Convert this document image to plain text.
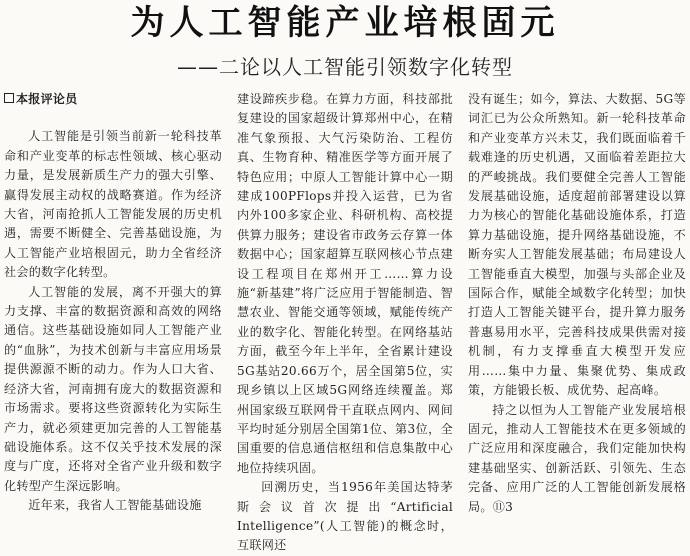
为人工智能产业培根固元
——二论以人工智能引领数字化转型

本报评论员

人工智能是引领当前新一轮科技革命和产业变革的标志性领域、核心驱动力量，是发展新质生产力的强大引擎、赢得发展主动权的战略赛道。作为经济大省，河南抢抓人工智能发展的历史机遇，需要不断健全、完善基础设施，为人工智能产业培根固元，助力全省经济社会的数字化转型。

人工智能的发展，离不开强大的算力支撑、丰富的数据资源和高效的网络通信。这些基础设施如同人工智能产业的“血脉”，为技术创新与丰富应用场景提供源源不断的动力。作为人口大省、经济大省，河南拥有庞大的数据资源和市场需求。要将这些资源转化为实际生产力，就必须建更加完善的人工智能基础设施体系。这不仅关乎技术发展的深度与广度，还将对全省产业升级和数字化转型产生深远影响。

近年来，我省人工智能基础设施

建设蹄疾步稳。在算力方面，科技部批复建设的国家超级计算郑州中心，在精准气象预报、大气污染防治、工程仿真、生物育种、精准医学等方面开展了特色应用；中原人工智能计算中心一期建成100PFlops并投入运营，已为省内外100多家企业、科研机构、高校提供算力服务；建设省市政务云存算一体数据中心；国家超算互联网核心节点建设工程项目在郑州开工……算力设施“新基建”将广泛应用于智能制造、智慧农业、智能交通等领域，赋能传统产业的数字化、智能化转型。在网络基站方面，截至今年上半年，全省累计建设5G基站20.66万个，居全国第5位，实现乡镇以上区域5G网络连续覆盖。郑州国家级互联网骨干直联点网内、网间平均时延分别居全国第1位、第3位，全国重要的信息通信枢纽和信息集散中心地位持续巩固。

回溯历史，当1956年美国达特茅斯会议首次提出“Artificial Intelligence”(人工智能)的概念时，互联网还

没有诞生；如今，算法、大数据、5G等词汇已为公众所熟知。新一轮科技革命和产业变革方兴未艾，我们既面临着千载难逢的历史机遇，又面临着差距拉大的严峻挑战。我们要健全完善人工智能发展基础设施，适度超前部署建设以算力为核心的智能化基础设施体系，打造算力基础设施，提升网络基础设施，不断夯实人工智能发展基础；布局建设人工智能垂直大模型，加强与头部企业及国际合作，赋能全域数字化转型；加快打造人工智能关键平台，提升算力服务普惠易用水平，完善科技成果供需对接机制，有力支撑垂直大模型开发应用……集中力量、集聚优势、集成政策，方能锻长板、成优势、起高峰。

持之以恒为人工智能产业发展培根固元，推动人工智能技术在更多领域的广泛应用和深度融合，我们定能加快构建基础坚实、创新活跃、引领先、生态完备、应用广泛的人工智能创新发展格局。⑪3
